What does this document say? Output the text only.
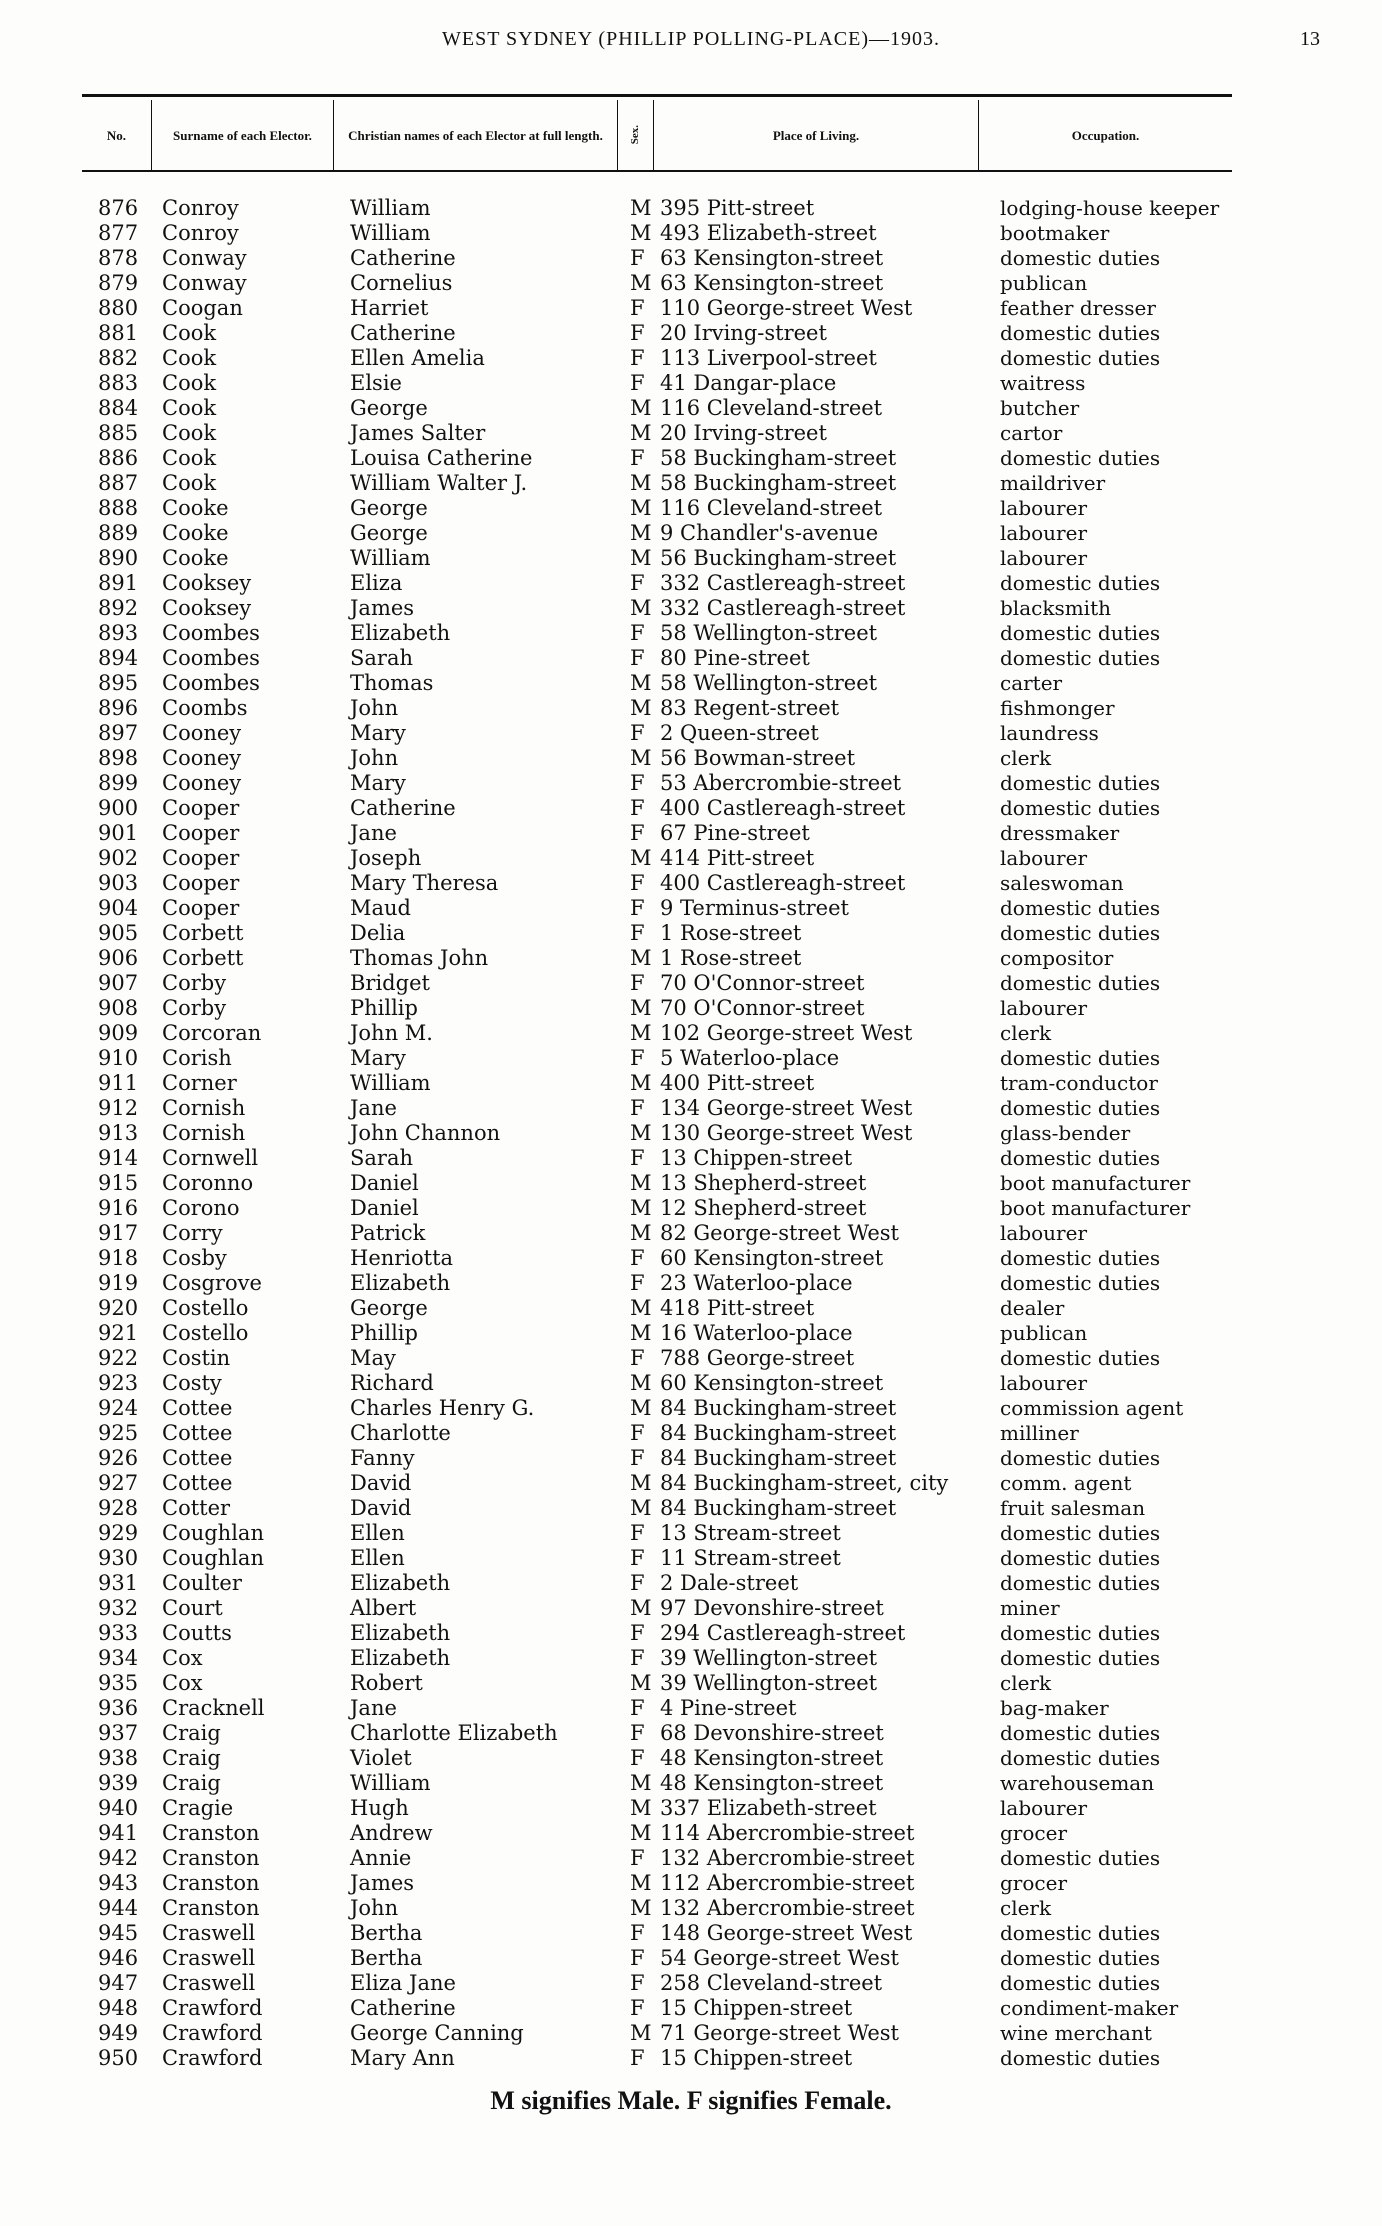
WEST SYDNEY (PHILLIP POLLING-PLACE)—1903.	13
No.	Surname of each Elector.	Christian names of each Elector at full length.	Sex.	Place of Living.	Occupation.
876 Conroy	William	M 395 Pitt-street	lodging-house keeper
877 Conroy	William	M 493 Elizabeth-street	bootmaker
878 Conway	Catherine	F 63 Kensington-street	domestic duties
879 Conway	Cornelius	M 63 Kensington-street	publican
880 Coogan	Harriet	F 110 George-street West	feather dresser
881 Cook	Catherine	F 20 Irving-street	domestic duties
882 Cook	Ellen Amelia	F 113 Liverpool-street	domestic duties
883 Cook	Elsie	F 41 Dangar-place	waitress
884 Cook	George	M 116 Cleveland-street	butcher
885 Cook	James Salter	M 20 Irving-street	cartor
886 Cook	Louisa Catherine	F 58 Buckingham-street	domestic duties
887 Cook	William Walter J.	M 58 Buckingham-street	maildriver
888 Cooke	George	M 116 Cleveland-street	labourer
889 Cooke	George	M 9 Chandler's-avenue	labourer
890 Cooke	William	M 56 Buckingham-street	labourer
891 Cooksey	Eliza	F 332 Castlereagh-street	domestic duties
892 Cooksey	James	M 332 Castlereagh-street	blacksmith
893 Coombes	Elizabeth	F 58 Wellington-street	domestic duties
894 Coombes	Sarah	F 80 Pine-street	domestic duties
895 Coombes	Thomas	M 58 Wellington-street	carter
896 Coombs	John	M 83 Regent-street	fishmonger
897 Cooney	Mary	F 2 Queen-street	laundress
898 Cooney	John	M 56 Bowman-street	clerk
899 Cooney	Mary	F 53 Abercrombie-street	domestic duties
900 Cooper	Catherine	F 400 Castlereagh-street	domestic duties
901 Cooper	Jane	F 67 Pine-street	dressmaker
902 Cooper	Joseph	M 414 Pitt-street	labourer
903 Cooper	Mary Theresa	F 400 Castlereagh-street	saleswoman
904 Cooper	Maud	F 9 Terminus-street	domestic duties
905 Corbett	Delia	F 1 Rose-street	domestic duties
906 Corbett	Thomas John	M 1 Rose-street	compositor
907 Corby	Bridget	F 70 O'Connor-street	domestic duties
908 Corby	Phillip	M 70 O'Connor-street	labourer
909 Corcoran	John M.	M 102 George-street West	clerk
910 Corish	Mary	F 5 Waterloo-place	domestic duties
911 Corner	William	M 400 Pitt-street	tram-conductor
912 Cornish	Jane	F 134 George-street West	domestic duties
913 Cornish	John Channon	M 130 George-street West	glass-bender
914 Cornwell	Sarah	F 13 Chippen-street	domestic duties
915 Coronno	Daniel	M 13 Shepherd-street	boot manufacturer
916 Corono	Daniel	M 12 Shepherd-street	boot manufacturer
917 Corry	Patrick	M 82 George-street West	labourer
918 Cosby	Henriotta	F 60 Kensington-street	domestic duties
919 Cosgrove	Elizabeth	F 23 Waterloo-place	domestic duties
920 Costello	George	M 418 Pitt-street	dealer
921 Costello	Phillip	M 16 Waterloo-place	publican
922 Costin	May	F 788 George-street	domestic duties
923 Costy	Richard	M 60 Kensington-street	labourer
924 Cottee	Charles Henry G.	M 84 Buckingham-street	commission agent
925 Cottee	Charlotte	F 84 Buckingham-street	milliner
926 Cottee	Fanny	F 84 Buckingham-street	domestic duties
927 Cottee	David	M 84 Buckingham-street, city	comm. agent
928 Cotter	David	M 84 Buckingham-street	fruit salesman
929 Coughlan	Ellen	F 13 Stream-street	domestic duties
930 Coughlan	Ellen	F 11 Stream-street	domestic duties
931 Coulter	Elizabeth	F 2 Dale-street	domestic duties
932 Court	Albert	M 97 Devonshire-street	miner
933 Coutts	Elizabeth	F 294 Castlereagh-street	domestic duties
934 Cox	Elizabeth	F 39 Wellington-street	domestic duties
935 Cox	Robert	M 39 Wellington-street	clerk
936 Cracknell	Jane	F 4 Pine-street	bag-maker
937 Craig	Charlotte Elizabeth	F 68 Devonshire-street	domestic duties
938 Craig	Violet	F 48 Kensington-street	domestic duties
939 Craig	William	M 48 Kensington-street	warehouseman
940 Cragie	Hugh	M 337 Elizabeth-street	labourer
941 Cranston	Andrew	M 114 Abercrombie-street	grocer
942 Cranston	Annie	F 132 Abercrombie-street	domestic duties
943 Cranston	James	M 112 Abercrombie-street	grocer
944 Cranston	John	M 132 Abercrombie-street	clerk
945 Craswell	Bertha	F 148 George-street West	domestic duties
946 Craswell	Bertha	F 54 George-street West	domestic duties
947 Craswell	Eliza Jane	F 258 Cleveland-street	domestic duties
948 Crawford	Catherine	F 15 Chippen-street	condiment-maker
949 Crawford	George Canning	M 71 George-street West	wine merchant
950 Crawford	Mary Ann	F 15 Chippen-street	domestic duties
M signifies Male. F signifies Female.
